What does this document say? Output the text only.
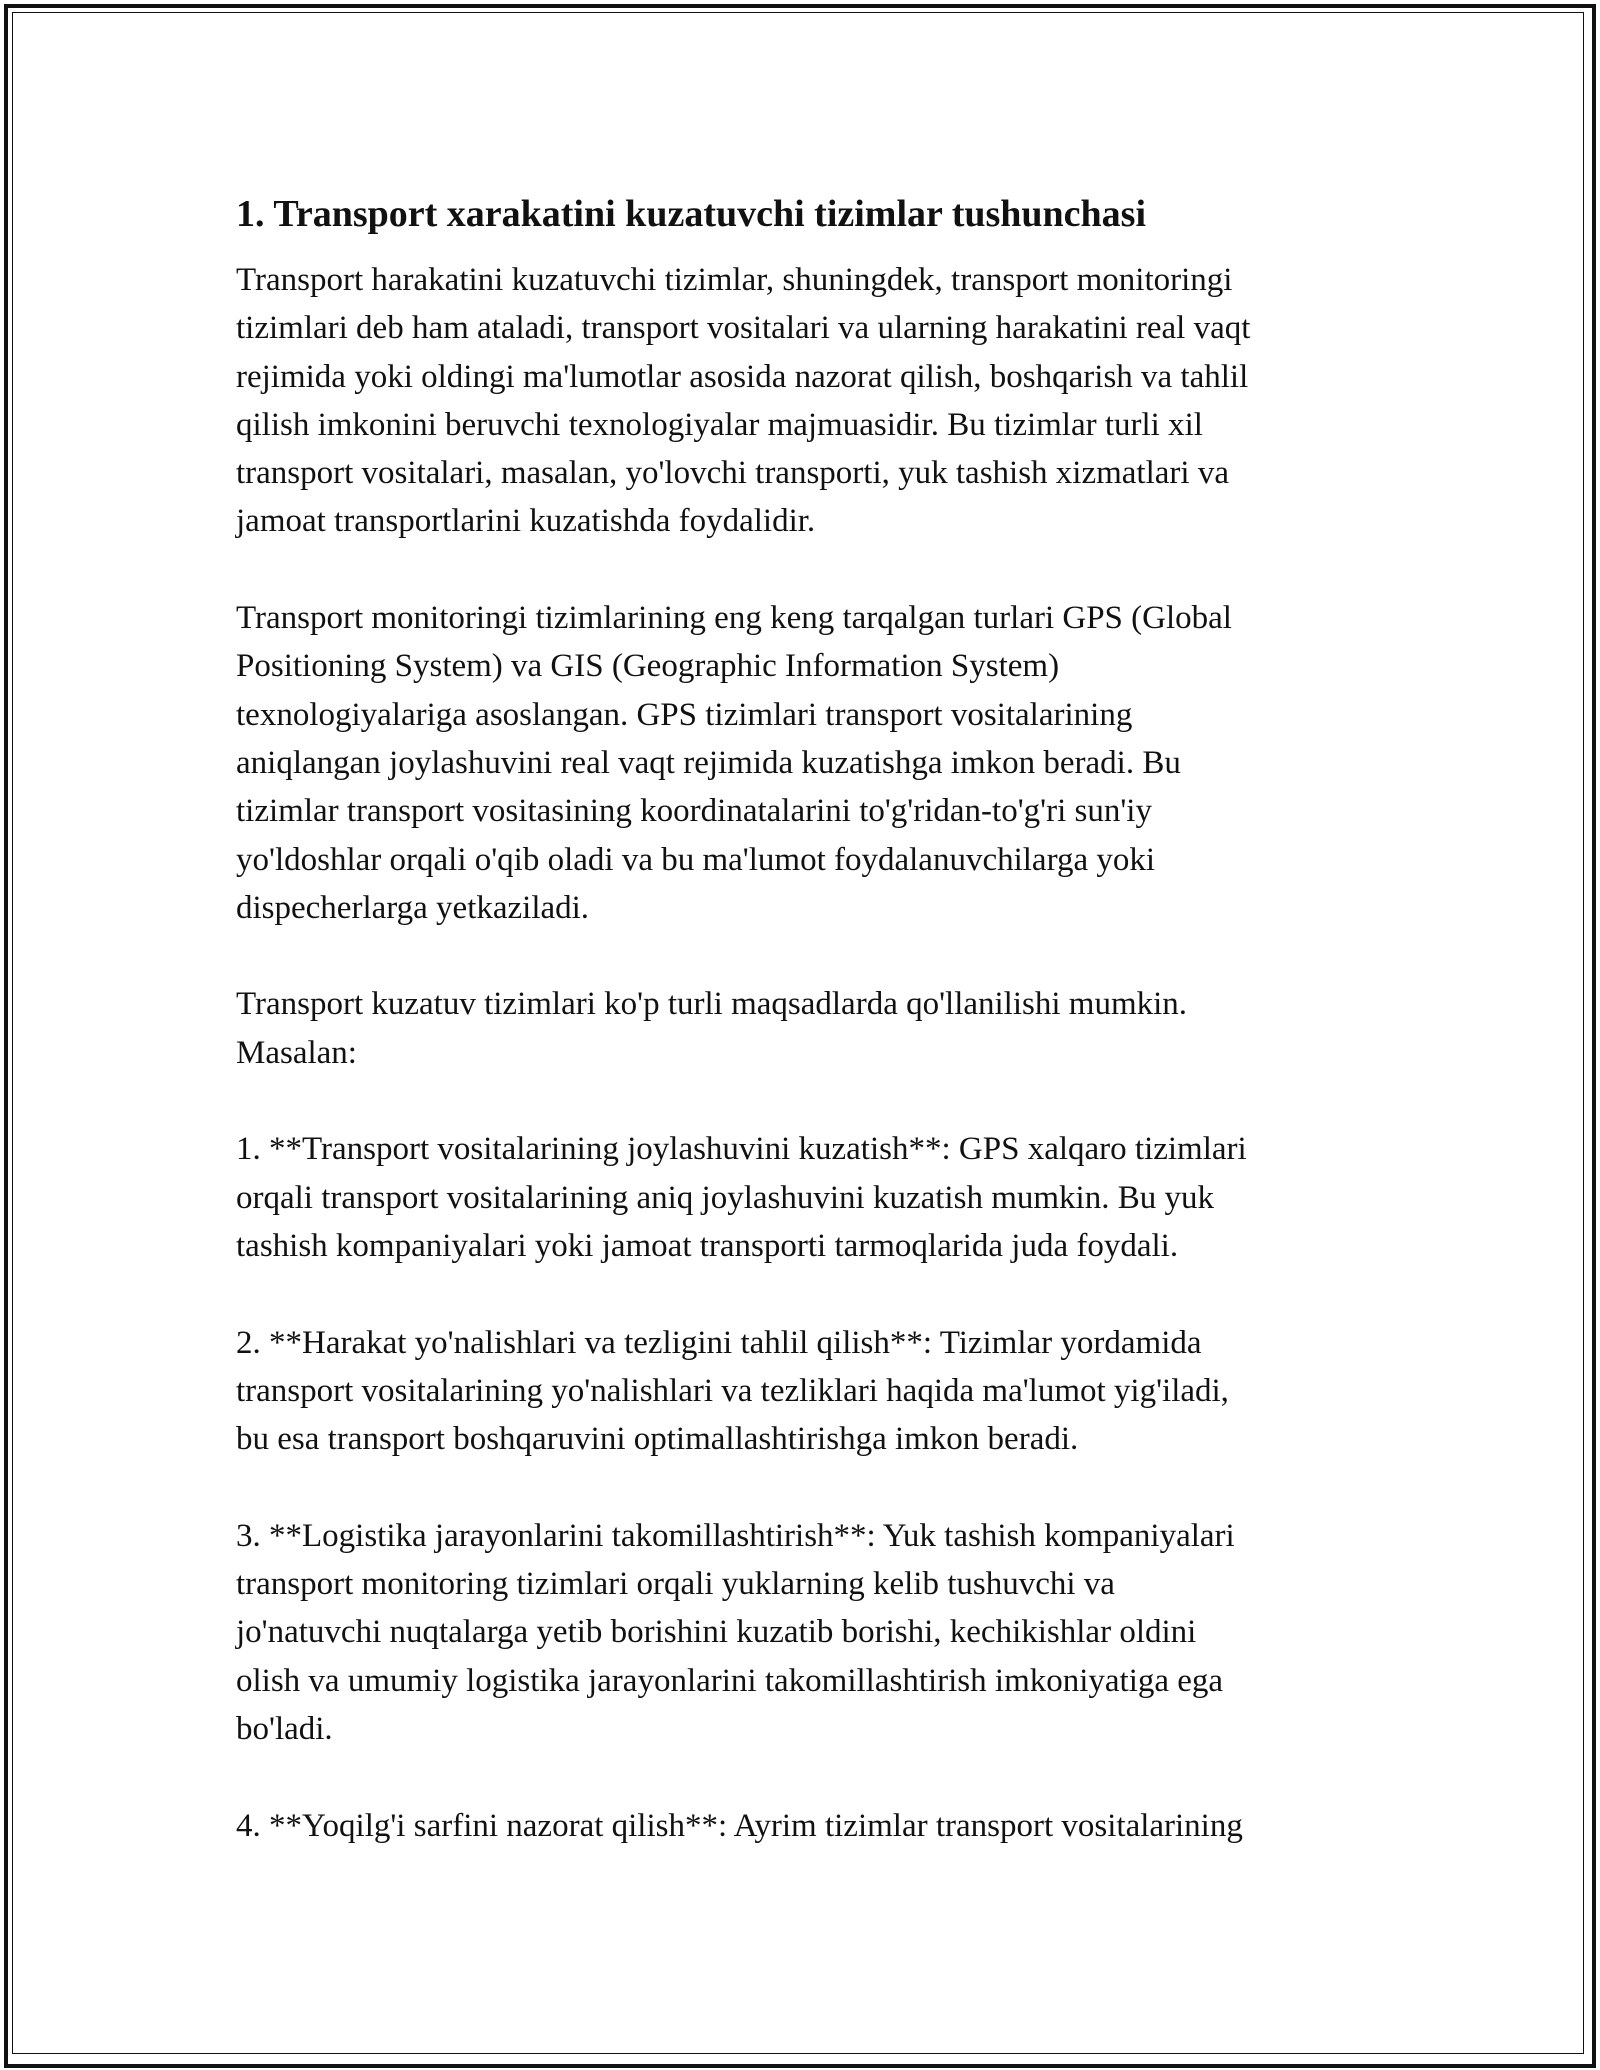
1. Transport xarakatini kuzatuvchi tizimlar tushunchasi
Transport harakatini kuzatuvchi tizimlar, shuningdek, transport monitoringi
tizimlari deb ham ataladi, transport vositalari va ularning harakatini real vaqt
rejimida yoki oldingi ma'lumotlar asosida nazorat qilish, boshqarish va tahlil
qilish imkonini beruvchi texnologiyalar majmuasidir. Bu tizimlar turli xil
transport vositalari, masalan, yo'lovchi transporti, yuk tashish xizmatlari va
jamoat transportlarini kuzatishda foydalidir.
Transport monitoringi tizimlarining eng keng tarqalgan turlari GPS (Global
Positioning System) va GIS (Geographic Information System)
texnologiyalariga asoslangan. GPS tizimlari transport vositalarining
aniqlangan joylashuvini real vaqt rejimida kuzatishga imkon beradi. Bu
tizimlar transport vositasining koordinatalarini to'g'ridan-to'g'ri sun'iy
yo'ldoshlar orqali o'qib oladi va bu ma'lumot foydalanuvchilarga yoki
dispecherlarga yetkaziladi.
Transport kuzatuv tizimlari ko'p turli maqsadlarda qo'llanilishi mumkin.
Masalan:
1. **Transport vositalarining joylashuvini kuzatish**: GPS xalqaro tizimlari
orqali transport vositalarining aniq joylashuvini kuzatish mumkin. Bu yuk
tashish kompaniyalari yoki jamoat transporti tarmoqlarida juda foydali.
2. **Harakat yo'nalishlari va tezligini tahlil qilish**: Tizimlar yordamida
transport vositalarining yo'nalishlari va tezliklari haqida ma'lumot yig'iladi,
bu esa transport boshqaruvini optimallashtirishga imkon beradi.
3. **Logistika jarayonlarini takomillashtirish**: Yuk tashish kompaniyalari
transport monitoring tizimlari orqali yuklarning kelib tushuvchi va
jo'natuvchi nuqtalarga yetib borishini kuzatib borishi, kechikishlar oldini
olish va umumiy logistika jarayonlarini takomillashtirish imkoniyatiga ega
bo'ladi.
4. **Yoqilg'i sarfini nazorat qilish**: Ayrim tizimlar transport vositalarining
